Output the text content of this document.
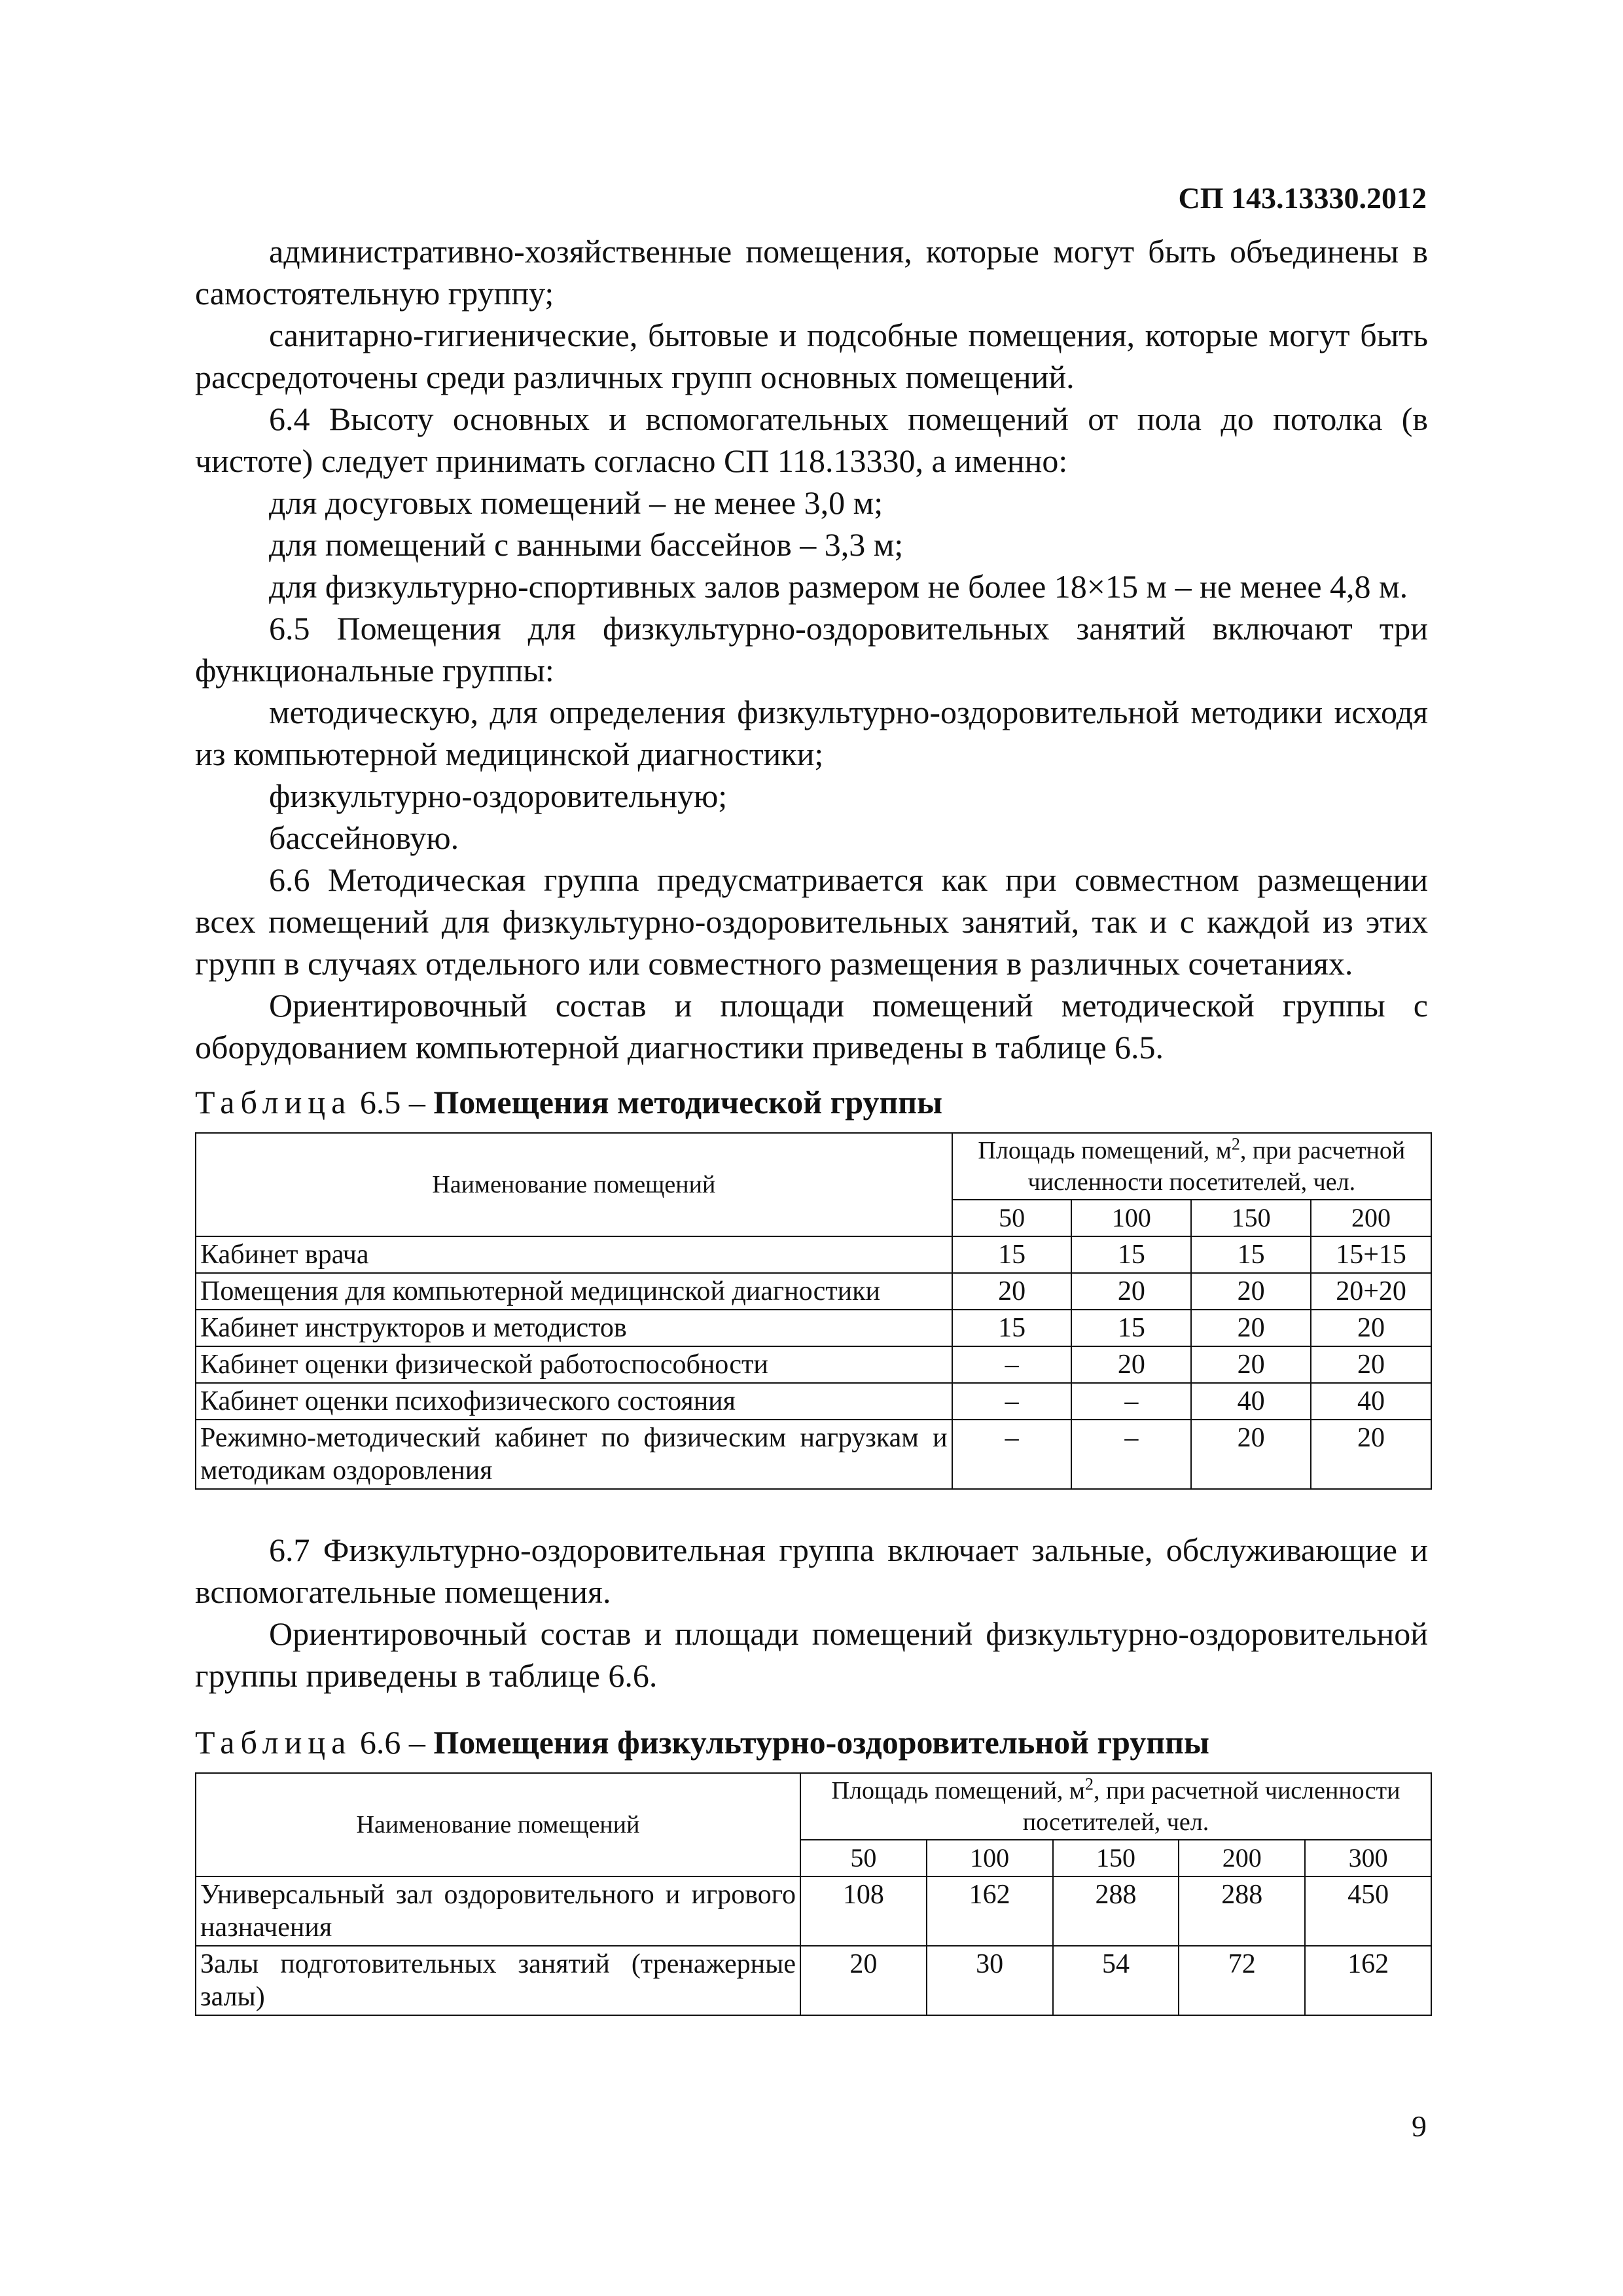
СП 143.13330.2012

административно-хозяйственные помещения, которые могут быть объединены в самостоятельную группу;

санитарно-гигиенические, бытовые и подсобные помещения, которые могут быть рассредоточены среди различных групп основных помещений.

6.4 Высоту основных и вспомогательных помещений от пола до потолка (в чистоте) следует принимать согласно СП 118.13330, а именно:

для досуговых помещений – не менее 3,0 м;

для помещений с ванными бассейнов – 3,3 м;

для физкультурно-спортивных залов размером не более 18×15 м – не менее 4,8 м.

6.5 Помещения для физкультурно-оздоровительных занятий включают три функциональные группы:

методическую, для определения физкультурно-оздоровительной методики исходя из компьютерной медицинской диагностики;

физкультурно-оздоровительную;

бассейновую.

6.6 Методическая группа предусматривается как при совместном размещении всех помещений для физкультурно-оздоровительных занятий, так и с каждой из этих групп в случаях отдельного или совместного размещения в различных сочетаниях.

Ориентировочный состав и площади помещений методической группы с оборудованием компьютерной диагностики приведены в таблице 6.5.

Таблица 6.5 – Помещения методической группы

Наименование помещений	Площадь помещений, $м^2$, при расчетной численности посетителей, чел.			
	50	100	150	200
Кабинет врача	15	15	15	15+15
Помещения для компьютерной медицинской диагностики	20	20	20	20+20
Кабинет инструкторов и методистов	15	15	20	20
Кабинет оценки физической работоспособности	–	20	20	20
Кабинет оценки психофизического состояния	–	–	40	40
Режимно-методический кабинет по физическим нагрузкам и методикам оздоровления	–	–	20	20

6.7 Физкультурно-оздоровительная группа включает зальные, обслуживающие и вспомогательные помещения.

Ориентировочный состав и площади помещений физкультурно-оздоровительной группы приведены в таблице 6.6.

Таблица 6.6 – Помещения физкультурно-оздоровительной группы

Наименование помещений	Площадь помещений, $м^2$, при расчетной численности посетителей, чел.				
	50	100	150	200	300
Универсальный зал оздоровительного и игрового назначения	108	162	288	288	450
Залы подготовительных занятий (тренажерные залы)	20	30	54	72	162
9
